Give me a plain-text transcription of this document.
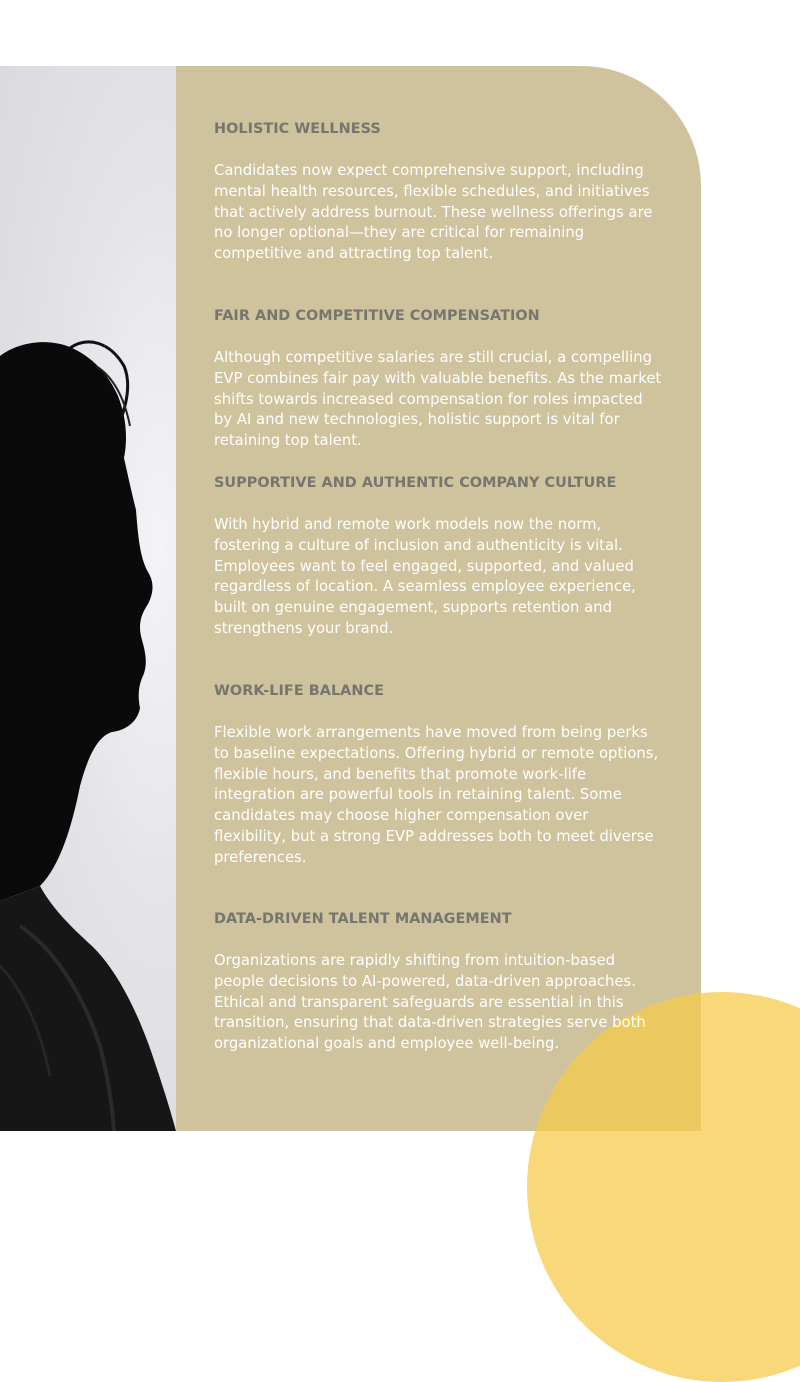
HOLISTIC WELLNESS

Candidates now expect comprehensive support, including mental health resources, flexible schedules, and initiatives that actively address burnout. These wellness offerings are no longer optional—they are critical for remaining competitive and attracting top talent.

FAIR AND COMPETITIVE COMPENSATION

Although competitive salaries are still crucial, a compelling EVP combines fair pay with valuable benefits. As the market shifts towards increased compensation for roles impacted by AI and new technologies, holistic support is vital for retaining top talent.

SUPPORTIVE AND AUTHENTIC COMPANY CULTURE

With hybrid and remote work models now the norm, fostering a culture of inclusion and authenticity is vital. Employees want to feel engaged, supported, and valued regardless of location. A seamless employee experience, built on genuine engagement, supports retention and strengthens your brand.

WORK-LIFE BALANCE

Flexible work arrangements have moved from being perks to baseline expectations. Offering hybrid or remote options, flexible hours, and benefits that promote work-life integration are powerful tools in retaining talent. Some candidates may choose higher compensation over flexibility, but a strong EVP addresses both to meet diverse preferences.

DATA-DRIVEN TALENT MANAGEMENT

Organizations are rapidly shifting from intuition-based people decisions to AI-powered, data-driven approaches. Ethical and transparent safeguards are essential in this transition, ensuring that data-driven strategies serve both organizational goals and employee well-being.
